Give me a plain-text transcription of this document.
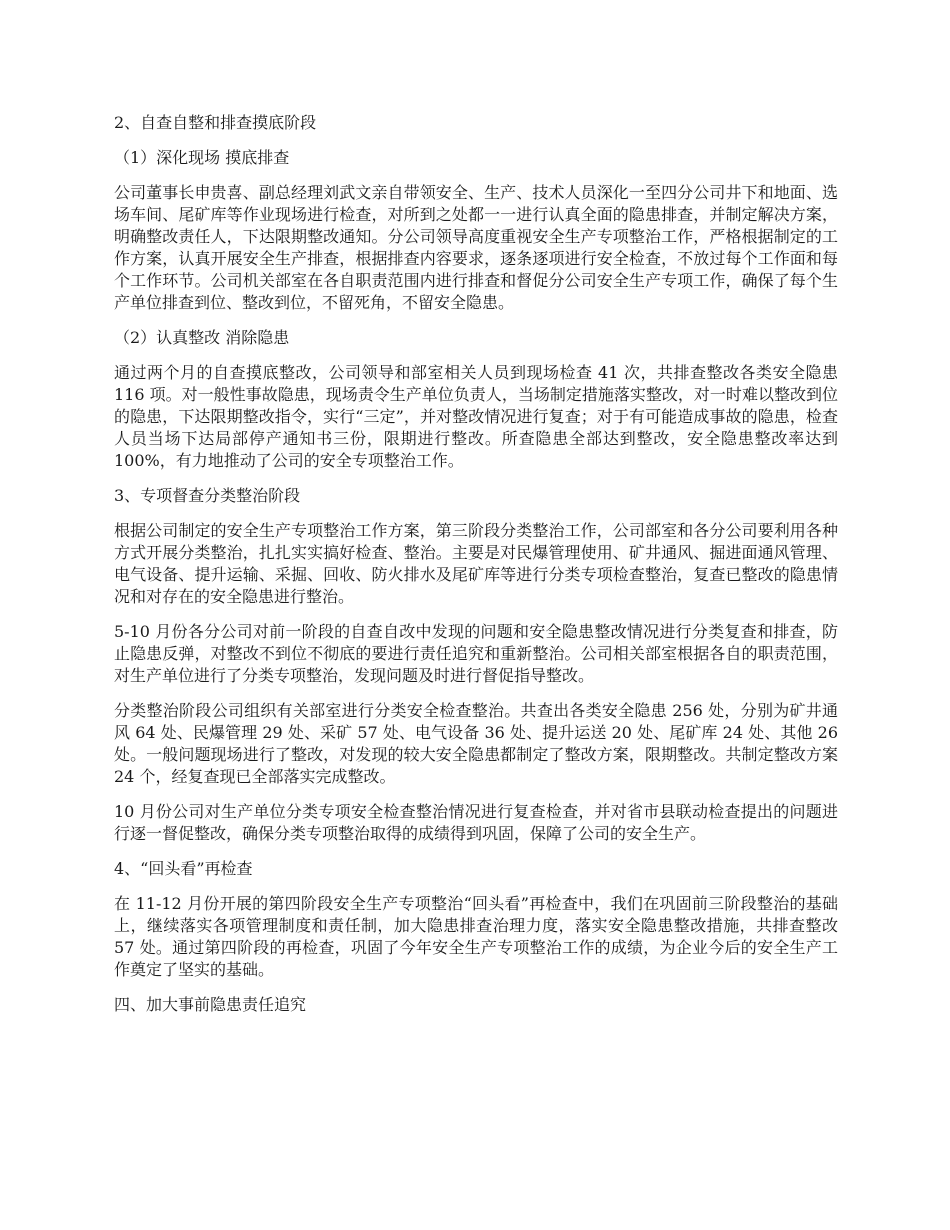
2、自查自整和排查摸底阶段
（1）深化现场 摸底排查
公司董事长申贵喜、副总经理刘武文亲自带领安全、生产、技术人员深化一至四分公司井下和地面、选场车间、尾矿库等作业现场进行检查，对所到之处都一一进行认真全面的隐患排查，并制定解决方案，明确整改责任人，下达限期整改通知。分公司领导高度重视安全生产专项整治工作，严格根据制定的工作方案，认真开展安全生产排查，根据排查内容要求，逐条逐项进行安全检查，不放过每个工作面和每个工作环节。公司机关部室在各自职责范围内进行排查和督促分公司安全生产专项工作，确保了每个生产单位排查到位、整改到位，不留死角，不留安全隐患。
（2）认真整改 消除隐患
通过两个月的自查摸底整改，公司领导和部室相关人员到现场检查 41 次，共排查整改各类安全隐患 116 项。对一般性事故隐患，现场责令生产单位负责人，当场制定措施落实整改，对一时难以整改到位的隐患，下达限期整改指令，实行“三定”，并对整改情况进行复查；对于有可能造成事故的隐患，检查人员当场下达局部停产通知书三份，限期进行整改。所查隐患全部达到整改，安全隐患整改率达到 100%，有力地推动了公司的安全专项整治工作。
3、专项督查分类整治阶段
根据公司制定的安全生产专项整治工作方案，第三阶段分类整治工作，公司部室和各分公司要利用各种方式开展分类整治，扎扎实实搞好检查、整治。主要是对民爆管理使用、矿井通风、掘进面通风管理、电气设备、提升运输、采掘、回收、防火排水及尾矿库等进行分类专项检查整治，复查已整改的隐患情况和对存在的安全隐患进行整治。
5-10 月份各分公司对前一阶段的自查自改中发现的问题和安全隐患整改情况进行分类复查和排查，防止隐患反弹，对整改不到位不彻底的要进行责任追究和重新整治。公司相关部室根据各自的职责范围，对生产单位进行了分类专项整治，发现问题及时进行督促指导整改。
分类整治阶段公司组织有关部室进行分类安全检查整治。共查出各类安全隐患 256 处，分别为矿井通风 64 处、民爆管理 29 处、采矿 57 处、电气设备 36 处、提升运送 20 处、尾矿库 24 处、其他 26 处。一般问题现场进行了整改，对发现的较大安全隐患都制定了整改方案，限期整改。共制定整改方案 24 个，经复查现已全部落实完成整改。
10 月份公司对生产单位分类专项安全检查整治情况进行复查检查，并对省市县联动检查提出的问题进行逐一督促整改，确保分类专项整治取得的成绩得到巩固，保障了公司的安全生产。
4、“回头看”再检查
在 11-12 月份开展的第四阶段安全生产专项整治“回头看”再检查中，我们在巩固前三阶段整治的基础上，继续落实各项管理制度和责任制，加大隐患排查治理力度，落实安全隐患整改措施，共排查整改 57 处。通过第四阶段的再检查，巩固了今年安全生产专项整治工作的成绩，为企业今后的安全生产工作奠定了坚实的基础。
四、加大事前隐患责任追究
